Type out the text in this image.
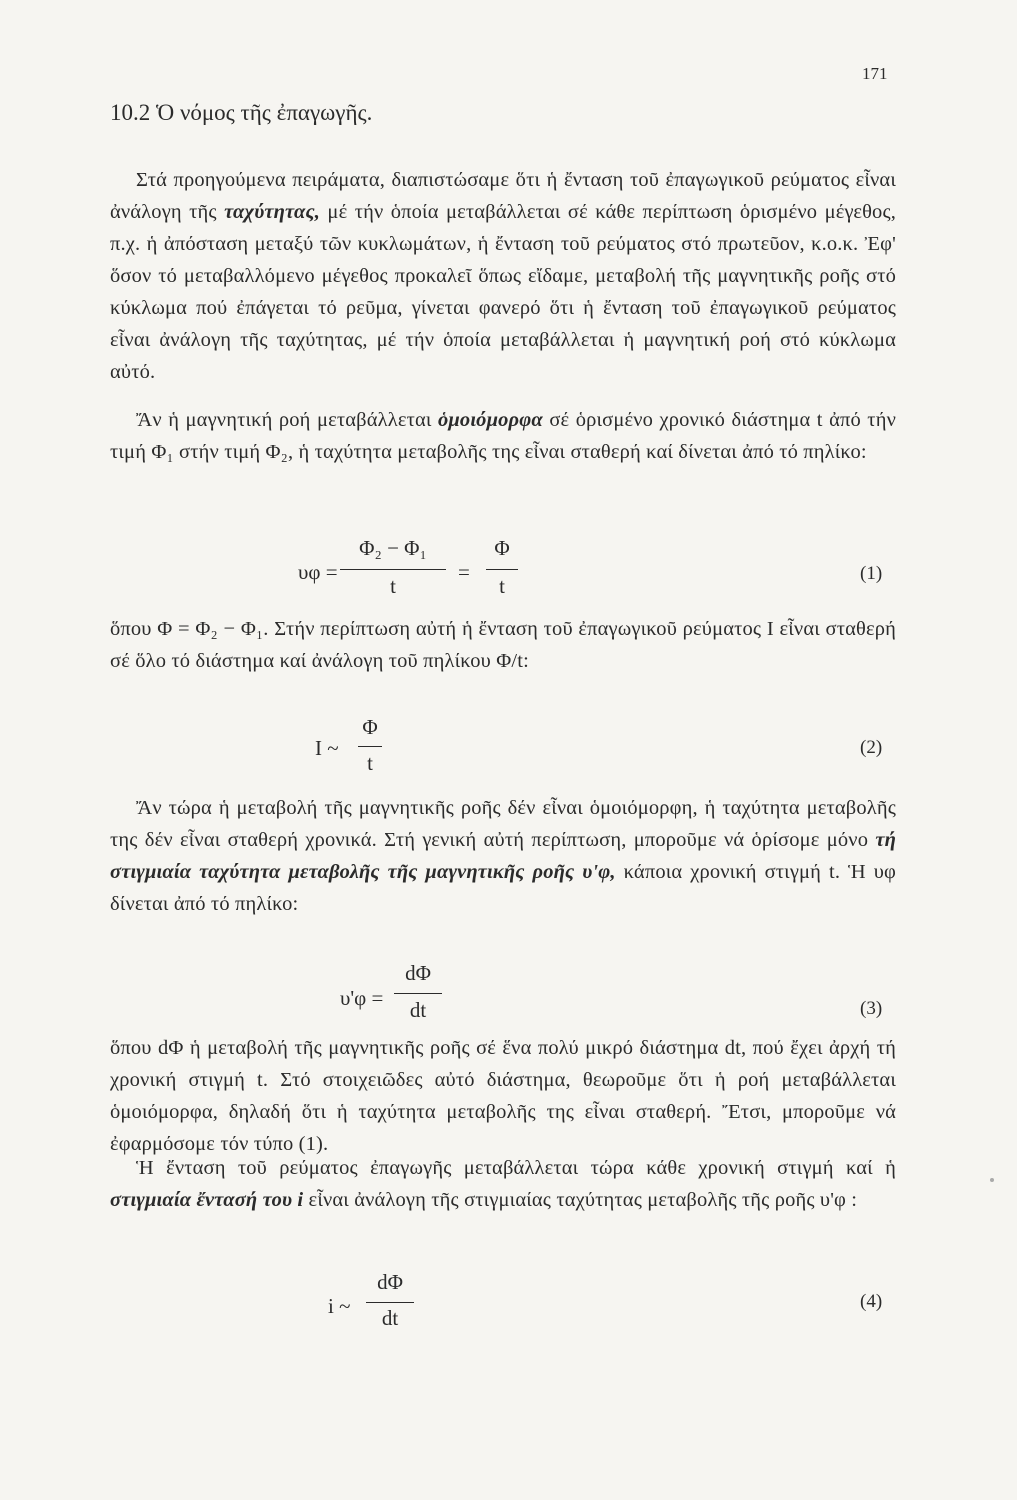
171
10.2 Ὁ νόμος τῆς ἐπαγωγῆς.

Στά προηγούμενα πειράματα, διαπιστώσαμε ὅτι ἡ ἔνταση τοῦ ἐπαγωγικοῦ ρεύματος εἶναι ἀνάλογη τῆς ταχύτητας, μέ τήν ὁποία μεταβάλλεται σέ κάθε περίπτωση ὁρισμένο μέγεθος, π.χ. ἡ ἀπόσταση μεταξύ τῶν κυκλωμάτων, ἡ ἔνταση τοῦ ρεύματος στό πρωτεῦον, κ.ο.κ. Ἐφ' ὅσον τό μεταβαλλόμενο μέγεθος προκαλεῖ ὅπως εἴδαμε, μεταβολή τῆς μαγνητικῆς ροῆς στό κύκλωμα πού ἐπάγεται τό ρεῦμα, γίνεται φανερό ὅτι ἡ ἔνταση τοῦ ἐπαγωγικοῦ ρεύματος εἶναι ἀνάλογη τῆς ταχύτητας, μέ τήν ὁποία μεταβάλλεται ἡ μαγνητική ροή στό κύκλωμα αὐτό.

Ἄν ἡ μαγνητική ροή μεταβάλλεται ὁμοιόμορφα σέ ὁρισμένο χρονικό διάστημα t ἀπό τήν τιμή Φ₁ στήν τιμή Φ₂, ἡ ταχύτητα μεταβολῆς της εἶναι σταθερή καί δίνεται ἀπό τό πηλίκο:

υφ =
Φ₂ − Φ₁
t
=
Φ
t
(1)

ὅπου Φ = Φ₂ − Φ₁. Στήν περίπτωση αὐτή ἡ ἔνταση τοῦ ἐπαγωγικοῦ ρεύματος I εἶναι σταθερή σέ ὅλο τό διάστημα καί ἀνάλογη τοῦ πηλίκου Φ/t:

I ~
Φ
t
(2)

Ἄν τώρα ἡ μεταβολή τῆς μαγνητικῆς ροῆς δέν εἶναι ὁμοιόμορφη, ἡ ταχύτητα μεταβολῆς της δέν εἶναι σταθερή χρονικά. Στή γενική αὐτή περίπτωση, μποροῦμε νά ὁρίσομε μόνο τή στιγμιαία ταχύτητα μεταβολῆς τῆς μαγνητικῆς ροῆς υ'φ, κάποια χρονική στιγμή t. Ἡ υφ δίνεται ἀπό τό πηλίκο:

υ'φ =
dΦ
dt	(3)

ὅπου dΦ ἡ μεταβολή τῆς μαγνητικῆς ροῆς σέ ἕνα πολύ μικρό διάστημα dt, πού ἔχει ἀρχή τή χρονική στιγμή t. Στό στοιχειῶδες αὐτό διάστημα, θεωροῦμε ὅτι ἡ ροή μεταβάλλεται ὁμοιόμορφα, δηλαδή ὅτι ἡ ταχύτητα μεταβολῆς της εἶναι σταθερή. Ἔτσι, μποροῦμε νά ἐφαρμόσομε τόν τύπο (1).

Ἡ ἔνταση τοῦ ρεύματος ἐπαγωγῆς μεταβάλλεται τώρα κάθε χρονική στιγμή καί ἡ στιγμιαία ἔντασή του i εἶναι ἀνάλογη τῆς στιγμιαίας ταχύτητας μεταβολῆς τῆς ροῆς υ'φ :

i ~
dΦ
dt
(4)
